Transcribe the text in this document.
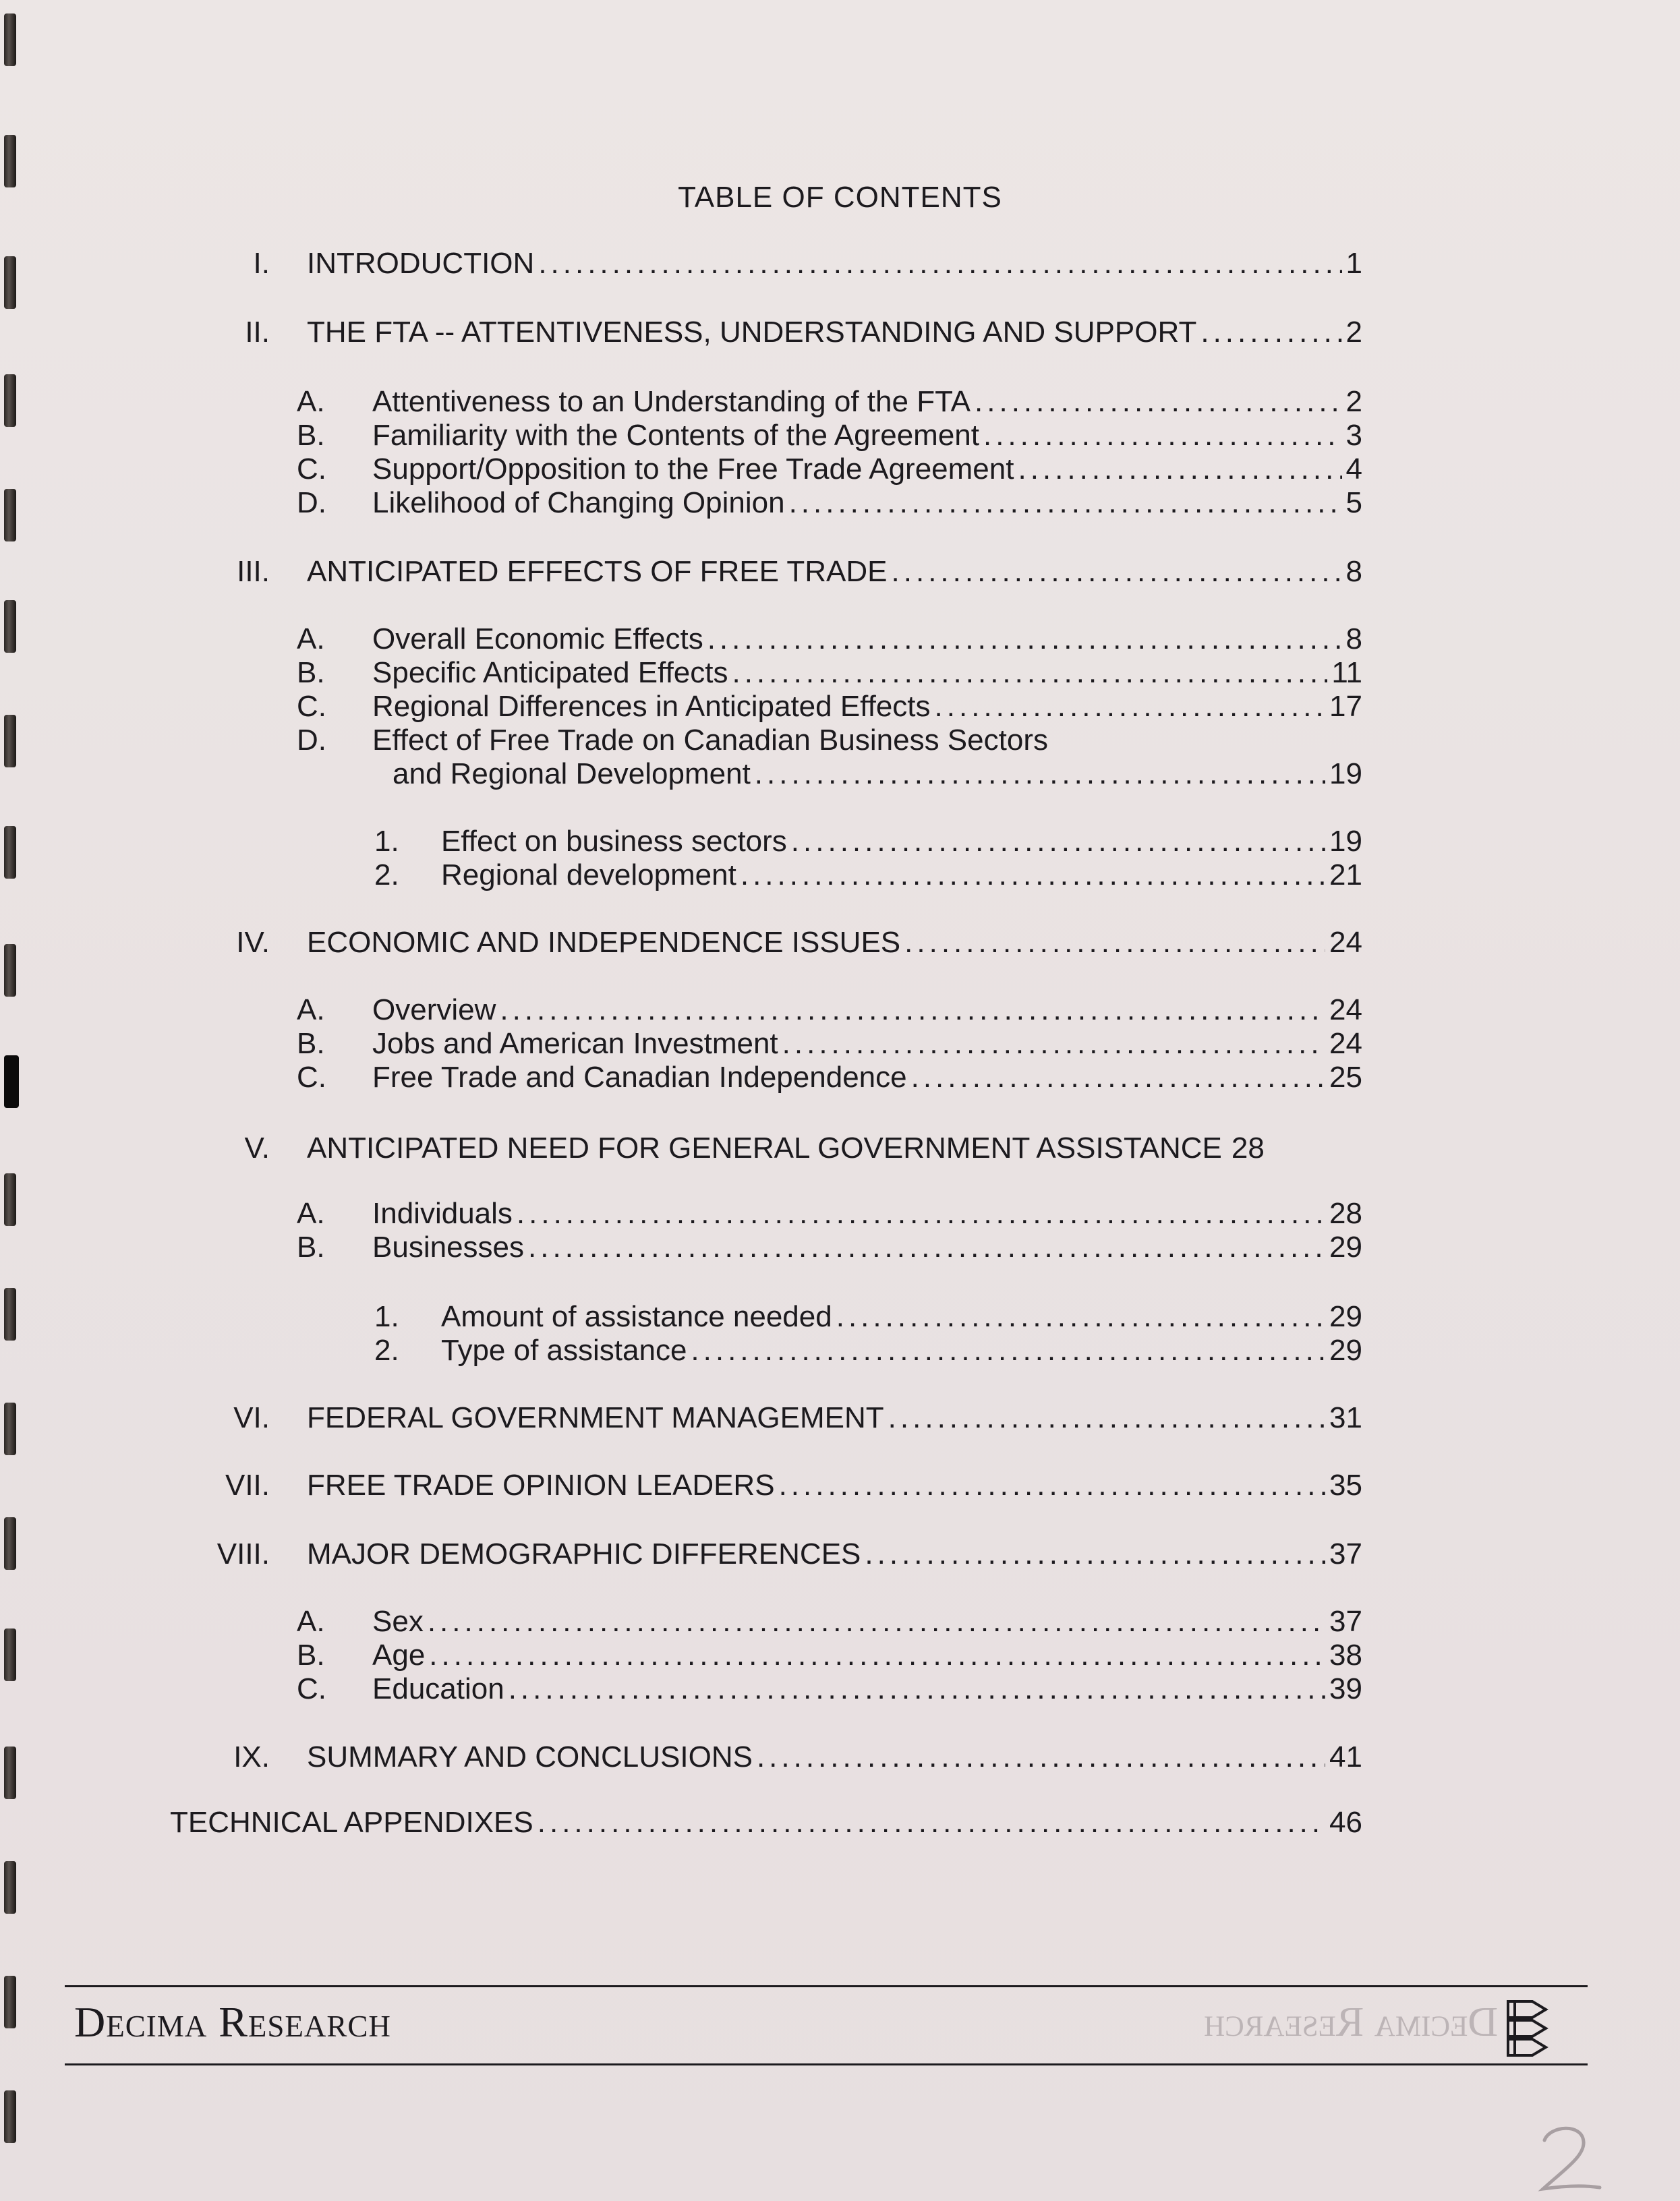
TABLE OF CONTENTS
I. INTRODUCTION .....	1
II. THE FTA -- ATTENTIVENESS, UNDERSTANDING AND SUPPORT .....	2
A.	Attentiveness to an Understanding of the FTA .....	2
B.	Familiarity with the Contents of the Agreement .....	3
C.	Support/Opposition to the Free Trade Agreement .....	4
D.	Likelihood of Changing Opinion .....	5
III. ANTICIPATED EFFECTS OF FREE TRADE .....	8
A.	Overall Economic Effects .....	8
B.	Specific Anticipated Effects .....	11
C.	Regional Differences in Anticipated Effects .....	17
D.	Effect of Free Trade on Canadian Business Sectors
and Regional Development .....	19
1.	Effect on business sectors .....	19
2.	Regional development .....	21
IV. ECONOMIC AND INDEPENDENCE ISSUES .....	24
A.	Overview .....	24
B.	Jobs and American Investment .....	24
C.	Free Trade and Canadian Independence .....	25
V. ANTICIPATED NEED FOR GENERAL GOVERNMENT ASSISTANCE 28
A.	Individuals .....	28
B.	Businesses .....	29
1.	Amount of assistance needed .....	29
2.	Type of assistance .....	29
VI. FEDERAL GOVERNMENT MANAGEMENT .....	31
VII. FREE TRADE OPINION LEADERS .....	35
VIII. MAJOR DEMOGRAPHIC DIFFERENCES .....	37
A.	Sex .....	37
B.	Age .....	38
C.	Education .....	39
IX. SUMMARY AND CONCLUSIONS .....	41
TECHNICAL APPENDIXES .....	46
Decima Research	Decima Research
